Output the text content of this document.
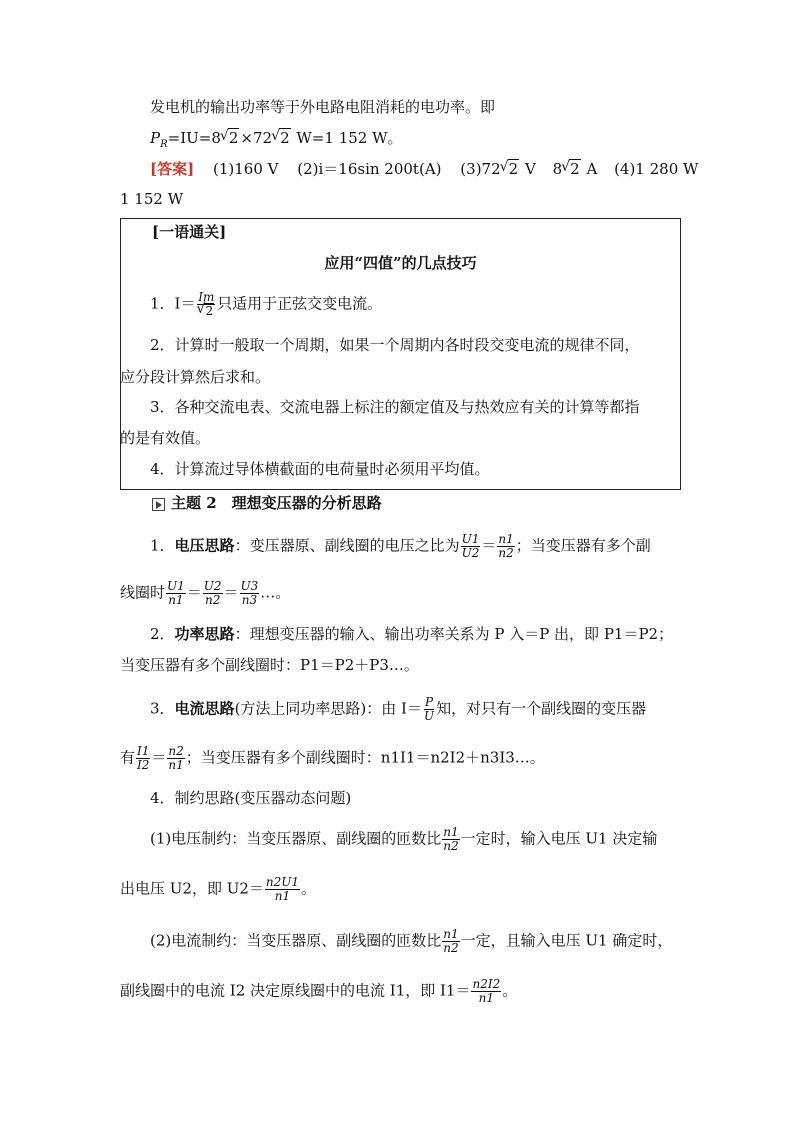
发电机的输出功率等于外电路电阻消耗的电功率。即
$P_R=IU=8√$ 2 ×72√ 2 W=1 152 W。
[答案] (1)160 V (2)i＝16sin 200t(A) (3)72√ 2 V 8√ 2 A (4)1 280 W
1 152 W
[一语通关]
应用“四值”的几点技巧
1．I＝ Im
√ 2 只适用于正弦交变电流。
2．计算时一般取一个周期，如果一个周期内各时段交变电流的规律不同，
应分段计算然后求和。
3．各种交流电表、交流电器上标注的额定值及与热效应有关的计算等都指
的是有效值。
4．计算流过导体横截面的电荷量时必须用平均值。
主题 2　理想变压器的分析思路
1．电压思路：变压器原、副线圈的电压之比为 $\frac{U1}{U2} = \frac{n1}{n2}$ ；当变压器有多个副
线圈时 $\frac{U1}{n1} = \frac{U2}{n2} = \frac{U3}{n3}$ …。
2．功率思路：理想变压器的输入、输出功率关系为 P 入＝P 出，即 P1＝P2；
当变压器有多个副线圈时：P1＝P2＋P3…。
3．电流思路(方法上同功率思路)：由 $I= \frac{P}{U}$ 知，对只有一个副线圈的变压器
有 $\frac{I1}{I2} = \frac{n2}{n1}$ ；当变压器有多个副线圈时：n1I1＝n2I2＋n3I3…。
4．制约思路(变压器动态问题)
(1)电压制约：当变压器原、副线圈的匝数比 $\frac{n1}{n2}$ 一定时，输入电压 U1 决定输
出电压 U2，即 $U2= \frac{n2U1}{n1}$ 。
(2)电流制约：当变压器原、副线圈的匝数比 $\frac{n1}{n2}$ 一定，且输入电压 U1 确定时，
副线圈中的电流 I2 决定原线圈中的电流 I1，即 $I1= \frac{n2I2}{n1}$ 。
